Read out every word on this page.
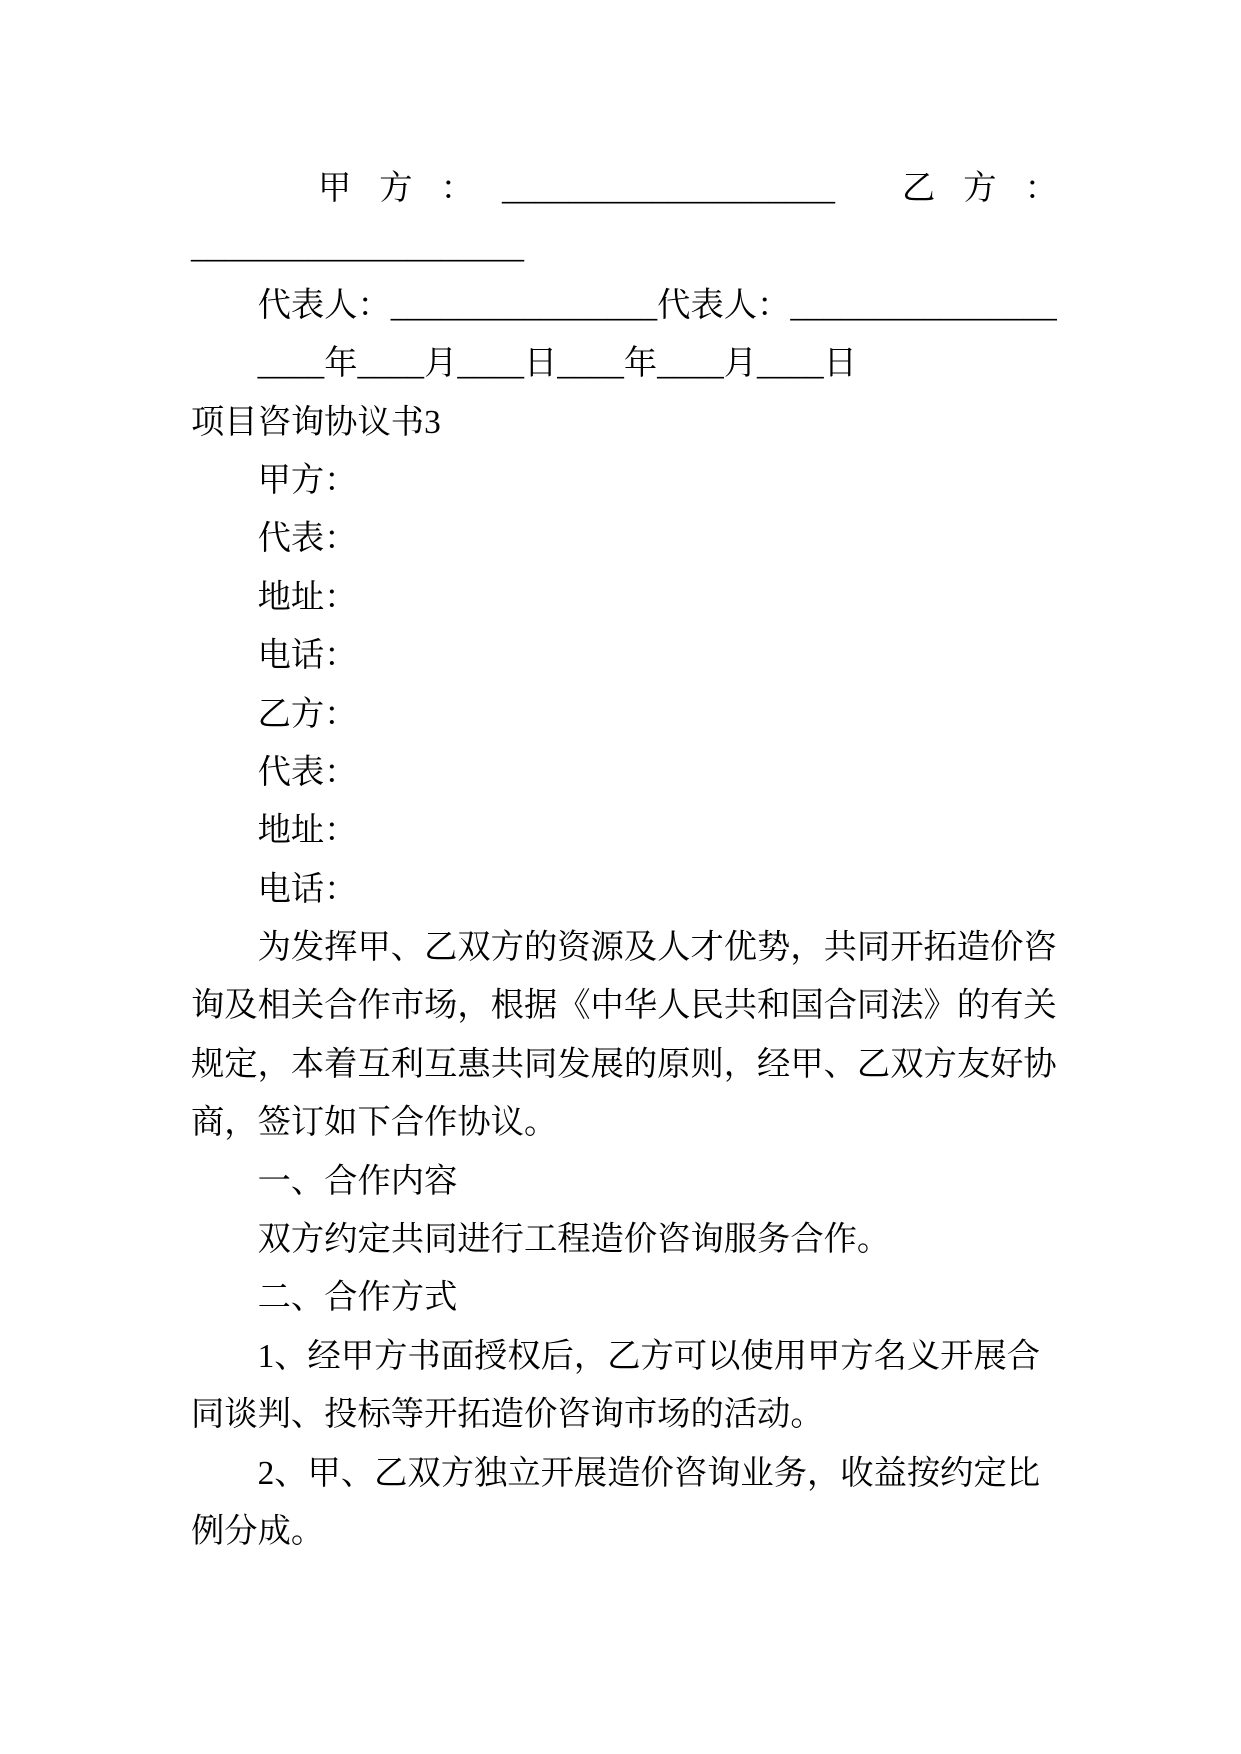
甲方： ____________________ 乙方：
____________________
代表人：________________代表人：________________
____年____月____日____年____月____日
项目咨询协议书3
甲方：
代表：
地址：
电话：
乙方：
代表：
地址：
电话：
为发挥甲、乙双方的资源及人才优势，共同开拓造价咨
询及相关合作市场，根据《中华人民共和国合同法》的有关
规定，本着互利互惠共同发展的原则，经甲、乙双方友好协
商，签订如下合作协议。
一、合作内容
双方约定共同进行工程造价咨询服务合作。
二、合作方式
1、经甲方书面授权后，乙方可以使用甲方名义开展合
同谈判、投标等开拓造价咨询市场的活动。
2、甲、乙双方独立开展造价咨询业务，收益按约定比
例分成。
